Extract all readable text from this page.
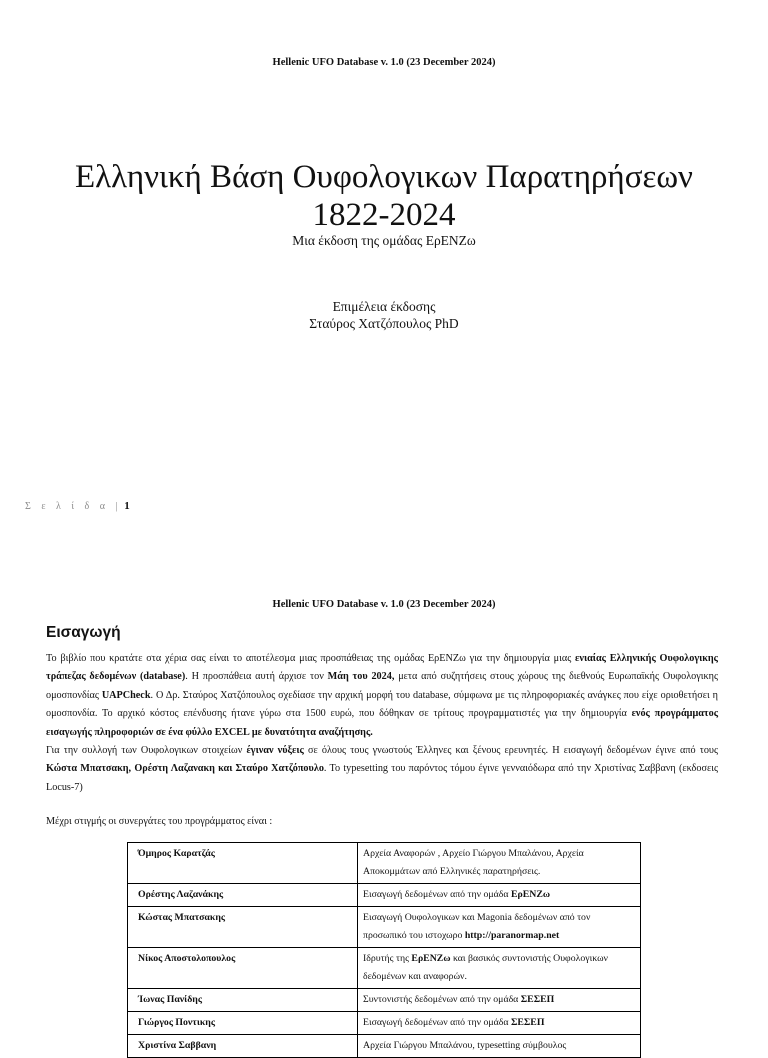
Hellenic UFO Database v. 1.0 (23 December 2024)
Ελληνική Βάση Ουφολογικων Παρατηρήσεων
1822-2024
Μια έκδοση της ομάδας ΕρΕΝΖω
Επιμέλεια έκδοσης
Σταύρος Χατζόπουλος PhD
Σ ε λ ί δ α | 1
Hellenic UFO Database v. 1.0 (23 December 2024)
Εισαγωγή

Το βιβλίο που κρατάτε στα χέρια σας είναι το αποτέλεσμα μιας προσπάθειας της ομάδας ΕρΕΝΖω για την δημιουργία μιας ενιαίας Ελληνικής Ουφολογικης τράπεζας δεδομένων (database). Η προσπάθεια αυτή άρχισε τον Μάη του 2024, μετα από συζητήσεις στους χώρους της διεθνούς Ευρωπαϊκής Ουφολογικης ομοσπονδίας UAPCheck. Ο Δρ. Σταύρος Χατζόπουλος σχεδίασε την αρχική μορφή του database, σύμφωνα με τις πληροφοριακές ανάγκες που είχε οριοθετήσει η ομοσπονδία. Το αρχικό κόστος επένδυσης ήτανε γύρω στα 1500 ευρώ, που δόθηκαν σε τρίτους προγραμματιστές για την δημιουργία ενός προγράμματος εισαγωγής πληροφοριών σε ένα φύλλο EXCEL με δυνατότητα αναζήτησης.

Για την συλλογή των Ουφολογικων στοιχείων έγιναν νύξεις σε όλους τους γνωστούς Έλληνες και ξένους ερευνητές. Η εισαγωγή δεδομένων έγινε από τους Κώστα Μπατσακη, Ορέστη Λαζανακη και Σταύρο Χατζόπουλο. Το typesetting του παρόντος τόμου έγινε γενναιόδωρα από την Χριστίνας Σαββανη (εκδοσεις Locus-7)

Μέχρι στιγμής οι συνεργάτες του προγράμματος είναι :
Όμηρος Καρατζάς	Αρχεία Αναφορών , Αρχείο Γιώργου Μπαλάνου, Αρχεία Αποκομμάτων από Ελληνικές παρατηρήσεις.
Ορέστης Λαζανάκης	Εισαγωγή δεδομένων από την ομάδα ΕρΕΝΖω
Κώστας Μπατσακης	Εισαγωγή Ουφολογικων και Magonia δεδομένων από τον προσωπικό του ιστοχωρο http://paranormap.net
Νίκος Αποστολοπουλος	Ιδρυτής της ΕρΕΝΖω και βασικός συντονιστής Ουφολογικων δεδομένων και αναφορών.
Ίωνας Πανίδης	Συντονιστής δεδομένων από την ομάδα ΣΕΣΕΠ
Γιώργος Ποντικης	Εισαγωγή δεδομένων από την ομάδα ΣΕΣΕΠ
Χριστίνα Σαββανη	Αρχεία Γιώργου Μπαλάνου, typesetting σύμβουλος
